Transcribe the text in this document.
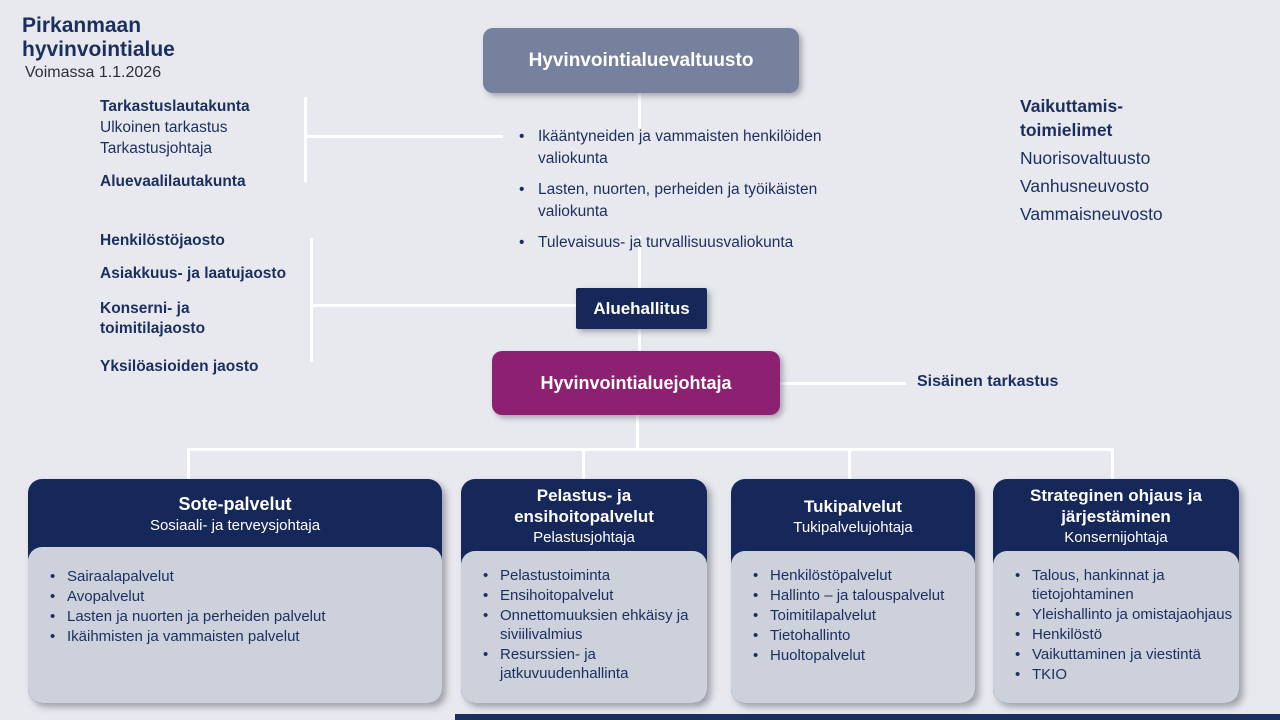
Pirkanmaan
hyvinvointialue
Voimassa 1.1.2026
Hyvinvointialuevaltuusto
Aluehallitus
Hyvinvointialuejohtaja
Tarkastuslautakunta
Ulkoinen tarkastus
Tarkastusjohtaja
Aluevaalilautakunta
• Ikääntyneiden ja vammaisten henkilöiden valiokunta
• Lasten, nuorten, perheiden ja työikäisten valiokunta
• Tulevaisuus- ja turvallisuusvaliokunta
Vaikuttamis-
toimielimet
Nuorisovaltuusto
Vanhusneuvosto
Vammaisneuvosto
Henkilöstöjaosto
Asiakkuus- ja laatujaosto
Konserni- ja toimitilajaosto
Yksilöasioiden jaosto
Sisäinen tarkastus
Sote-palvelut
Sosiaali- ja terveysjohtaja
• Sairaalapalvelut
• Avopalvelut
• Lasten ja nuorten ja perheiden palvelut
• Ikäihmisten ja vammaisten palvelut
Pelastus- ja ensihoitopalvelut
Pelastusjohtaja
• Pelastustoiminta
• Ensihoitopalvelut
• Onnettomuuksien ehkäisy ja siviilivalmius
• Resurssien- ja jatkuvuudenhallinta
Tukipalvelut
Tukipalvelujohtaja
• Henkilöstöpalvelut
• Hallinto – ja talouspalvelut
• Toimitilapalvelut
• Tietohallinto
• Huoltopalvelut
Strateginen ohjaus ja järjestäminen
Konsernijohtaja
• Talous, hankinnat ja tietojohtaminen
• Yleishallinto ja omistajaohjaus
• Henkilöstö
• Vaikuttaminen ja viestintä
• TKIO
